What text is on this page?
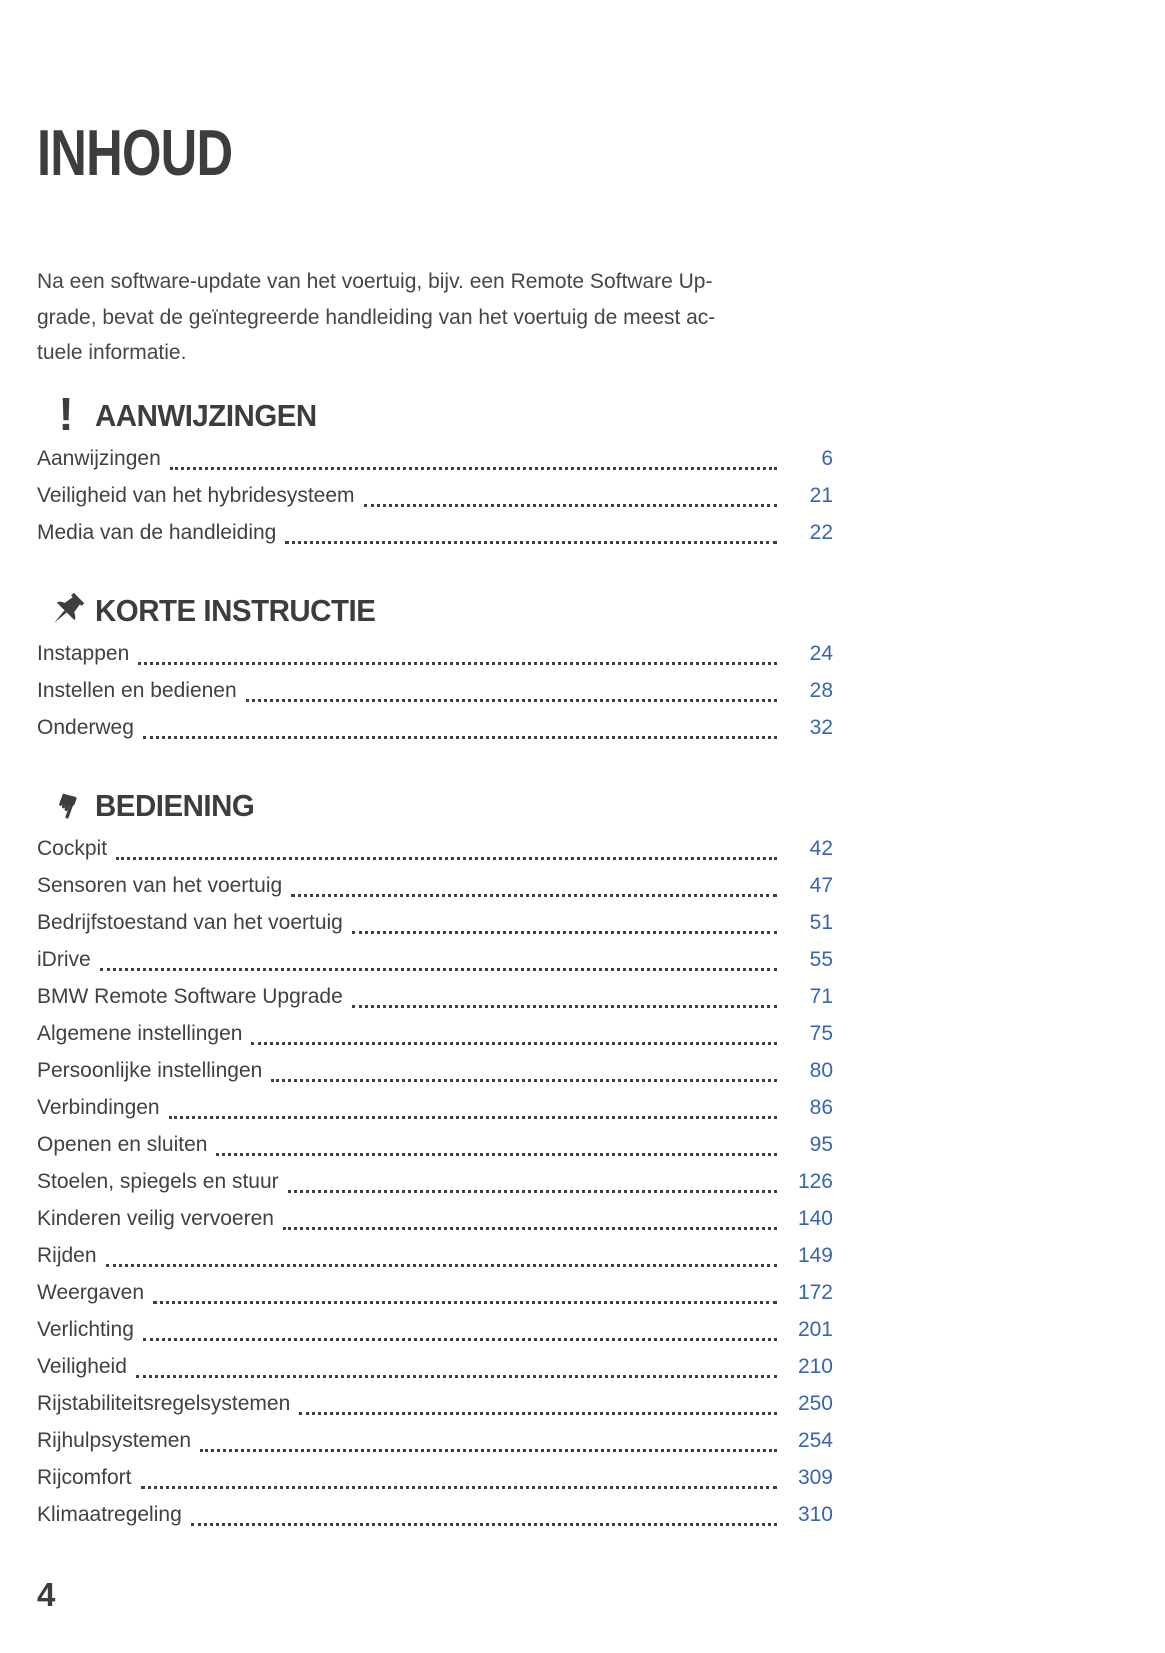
INHOUD
Na een software-update van het voertuig, bijv. een Remote Software Up-
grade, bevat de geïntegreerde handleiding van het voertuig de meest ac-
tuele informatie.
! AANWIJZINGEN
Aanwijzingen	6
Veiligheid van het hybridesysteem	21
Media van de handleiding	22
KORTE INSTRUCTIE
Instappen	24
Instellen en bedienen	28
Onderweg	32
☛ BEDIENING
Cockpit	42
Sensoren van het voertuig	47
Bedrijfstoestand van het voertuig	51
iDrive	55
BMW Remote Software Upgrade	71
Algemene instellingen	75
Persoonlijke instellingen	80
Verbindingen	86
Openen en sluiten	95
Stoelen, spiegels en stuur	126
Kinderen veilig vervoeren	140
Rijden	149
Weergaven	172
Verlichting	201
Veiligheid	210
Rijstabiliteitsregelsystemen	250
Rijhulpsystemen	254
Rijcomfort	309
Klimaatregeling	310
4
